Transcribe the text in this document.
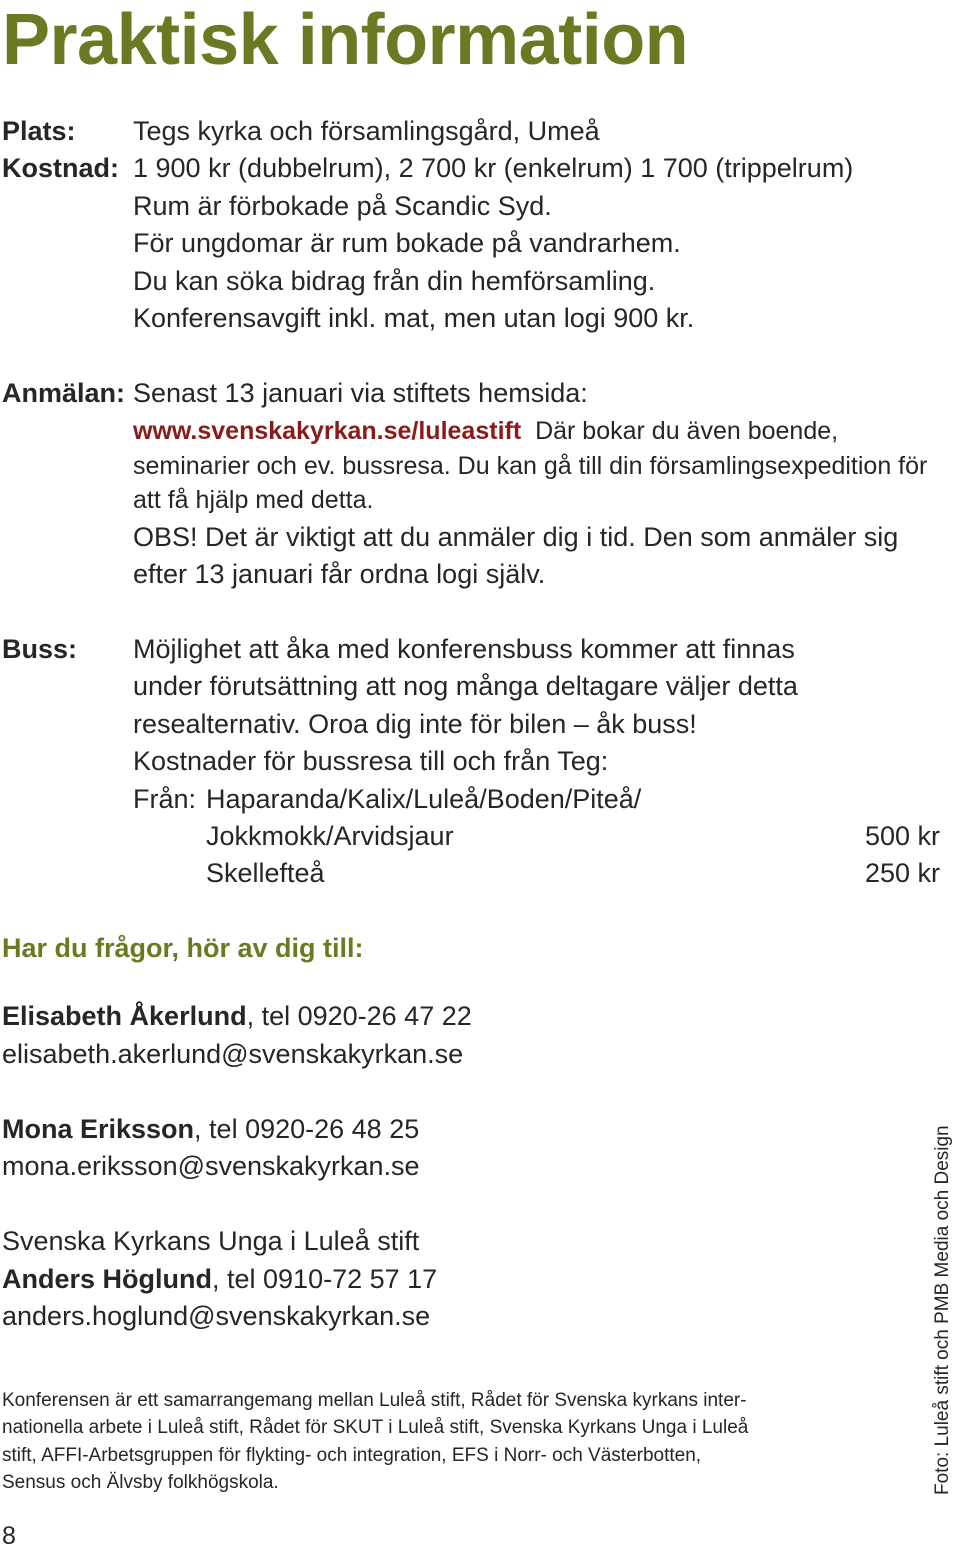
Praktisk information
Plats: Tegs kyrka och församlingsgård, Umeå
Kostnad: 1 900 kr (dubbelrum), 2 700 kr (enkelrum) 1 700 (trippelrum)
Rum är förbokade på Scandic Syd.
För ungdomar är rum bokade på vandrarhem.
Du kan söka bidrag från din hemförsamling.
Konferensavgift inkl. mat, men utan logi 900 kr.
Anmälan: Senast 13 januari via stiftets hemsida:
www.svenskakyrkan.se/luleastift Där bokar du även boende,
seminarier och ev. bussresa. Du kan gå till din församlingsexpedition för
att få hjälp med detta.
OBS! Det är viktigt att du anmäler dig i tid. Den som anmäler sig
efter 13 januari får ordna logi själv.
Buss: Möjlighet att åka med konferensbuss kommer att finnas
under förutsättning att nog många deltagare väljer detta
resealternativ. Oroa dig inte för bilen – åk buss!
Kostnader för bussresa till och från Teg:
Från: Haparanda/Kalix/Luleå/Boden/Piteå/
Jokkmokk/Arvidsjaur	500 kr
Skellefteå	250 kr
Har du frågor, hör av dig till:
Elisabeth Åkerlund, tel 0920-26 47 22
elisabeth.akerlund@svenskakyrkan.se
Mona Eriksson, tel 0920-26 48 25
mona.eriksson@svenskakyrkan.se
Svenska Kyrkans Unga i Luleå stift
Anders Höglund, tel 0910-72 57 17
anders.hoglund@svenskakyrkan.se
Konferensen är ett samarrangemang mellan Luleå stift, Rådet för Svenska kyrkans inter-
nationella arbete i Luleå stift, Rådet för SKUT i Luleå stift, Svenska Kyrkans Unga i Luleå
stift, AFFI-Arbetsgruppen för flykting- och integration, EFS i Norr- och Västerbotten,
Sensus och Älvsby folkhögskola.	Foto: Luleå stift och PMB Media och Design
8
